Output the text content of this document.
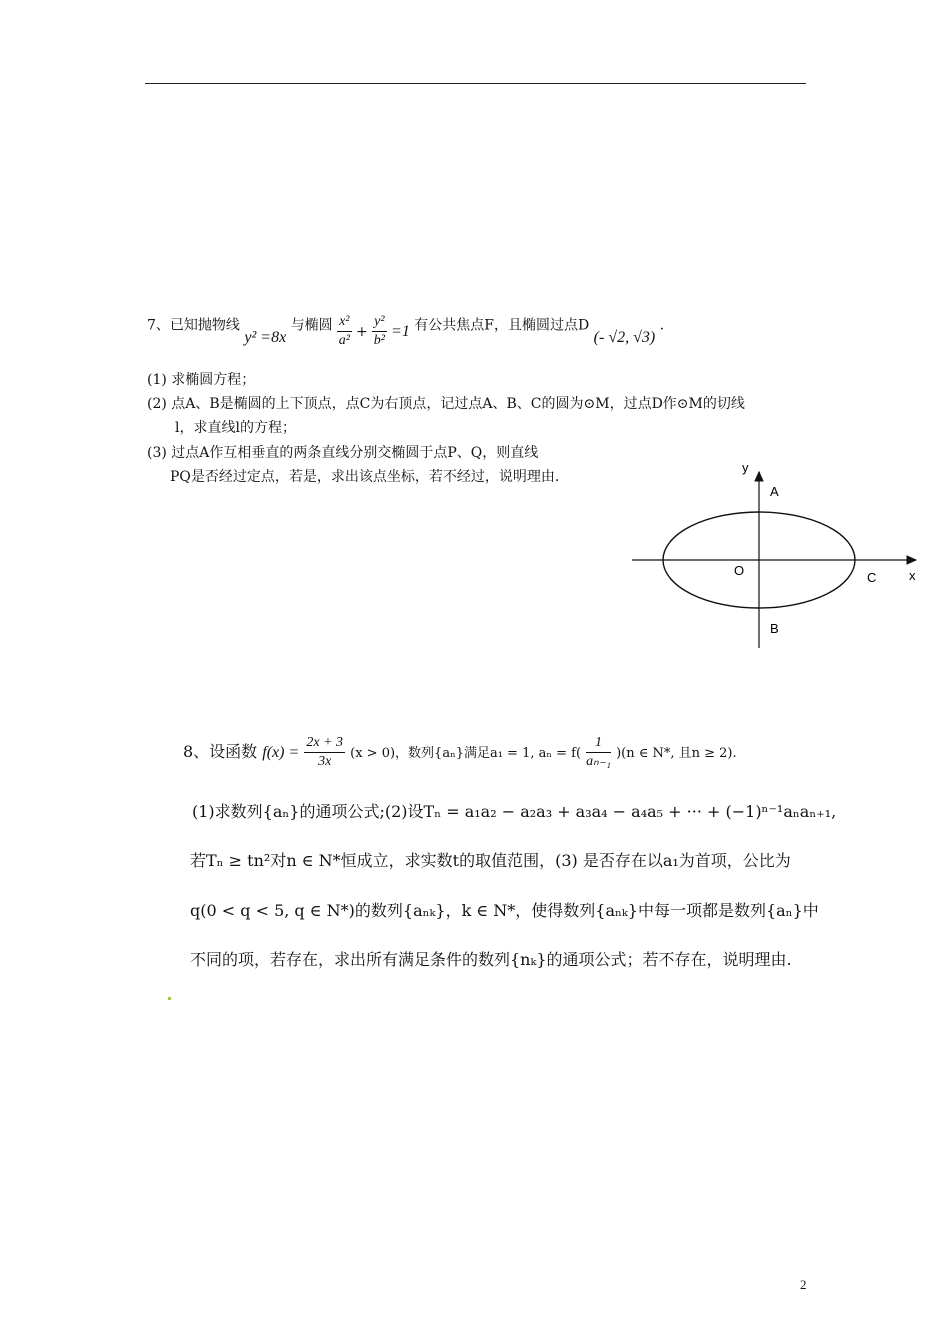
7、已知抛物线 y² =8x 与椭圆 $\frac{\text{x²}}{\text{a²}} + \frac{\text{y²}}{\text{b²}} =1$ 有公共焦点F，且椭圆过点D (- √2, √3) .
(1) 求椭圆方程；
(2) 点A、B是椭圆的上下顶点，点C为右顶点，记过点A、B、C的圆为⊙M，过点D作⊙M的切线
l，求直线l的方程；
(3) 过点A作互相垂直的两条直线分别交椭圆于点P、Q，则直线
PQ是否经过定点，若是，求出该点坐标，若不经过，说明理由.
y
A
O	C	x
B
8、设函数 $f(x) = \frac{2x + 3}{3x} (x > 0)$，数列{aₙ}满足a₁ = 1, $a_n = f( \frac{1}{\text{aₙ₋₁}} )(n$ ∈ N*, 且n ≥ 2).
(1)求数列{aₙ}的通项公式;(2)设Tₙ = a₁a₂ − a₂a₃ + a₃a₄ − a₄a₅ + ··· + (−1)ⁿ⁻¹aₙaₙ₊₁,
若Tₙ ≥ tn²对n ∈ N*恒成立，求实数t的取值范围，(3) 是否存在以a₁为首项，公比为
q(0 < q < 5, q ∈ N*)的数列{aₙₖ}，k ∈ N*，使得数列{aₙₖ}中每一项都是数列{aₙ}中
不同的项，若存在，求出所有满足条件的数列{nₖ}的通项公式；若不存在，说明理由.
2
